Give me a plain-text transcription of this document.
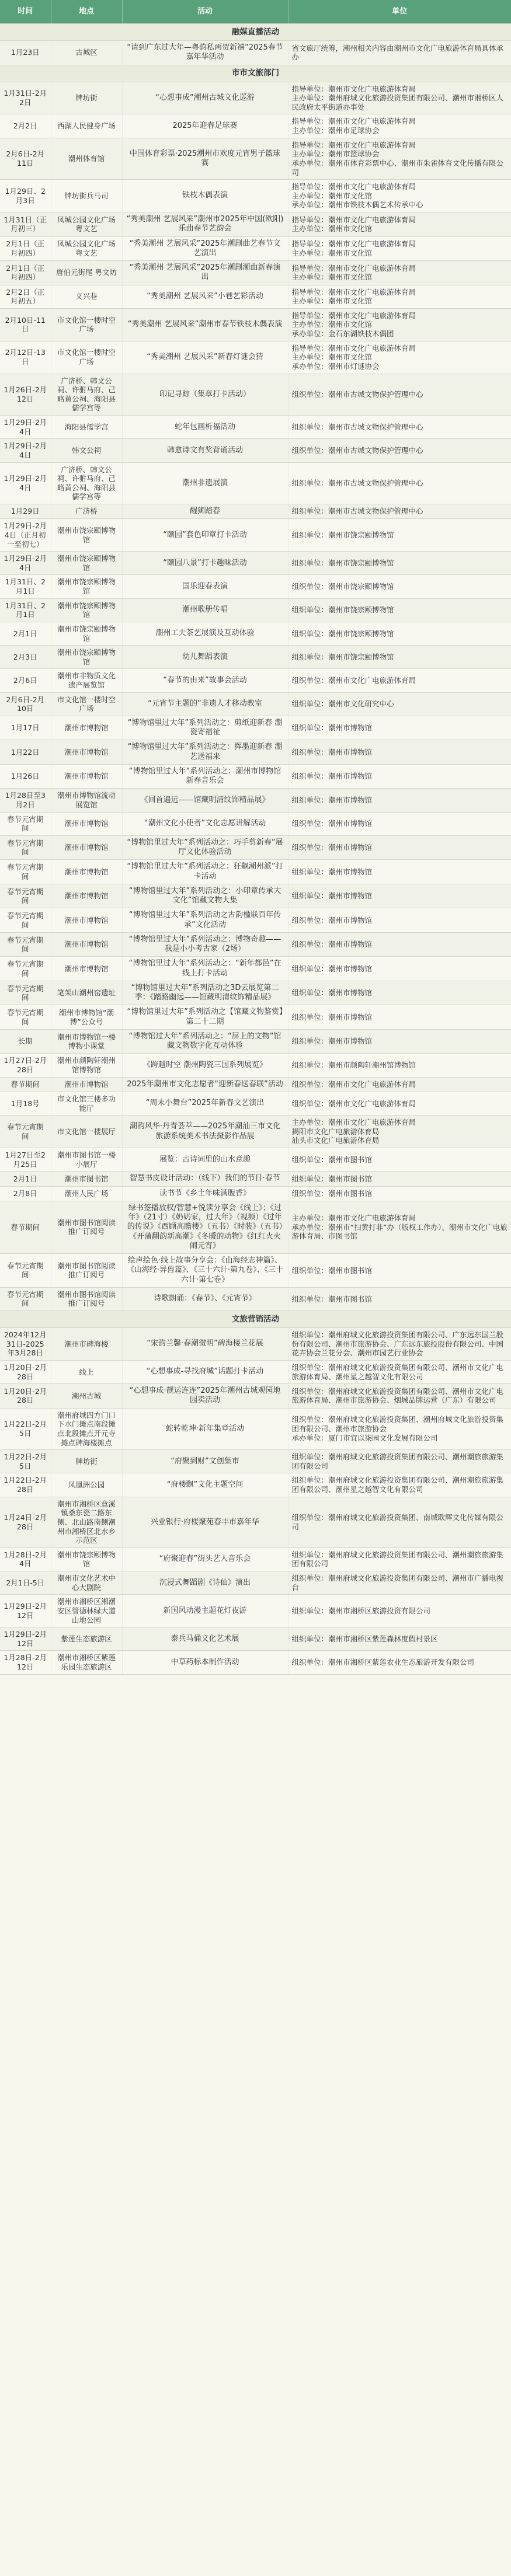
时间	地点	活动	单位
融媒直播活动			
1月23日	古城区	“请到广东过大年—粤韵私两贺新禧”2025春节嘉年华活动	省文旅厅统筹，潮州相关内容由潮州市文化广电旅游体育局具体承办
市市文旅部门			
1月31日-2月2日	牌坊街	“心想事成”潮州古城文化巡游	指导单位：潮州市文化广电旅游体育局
主办单位：潮州府城文化旅游投资集团有限公司、潮州市湘桥区人民政府太平街道办事处
2月2日	西湖人民健身广场	2025年迎春足球赛	指导单位：潮州市文化广电旅游体育局
主办单位：潮州市足球协会
2月6日-2月11日	潮州体育馆	中国体育彩票·2025潮州市欢度元宵男子篮球赛	指导单位：潮州市文化广电旅游体育局
主办单位：潮州市篮球协会
承办单位：潮州市体育彩票中心、潮州市朱雀体育文化传播有限公司
1月29日、2月3日	牌坊街兵马司	铁枝木偶表演	指导单位：潮州市文化广电旅游体育局
主办单位：潮州市文化馆
承办单位：潮州市铁枝木偶艺术传承中心
1月31日（正月初三）	凤城公园文化广场 粤文艺	“秀美潮州 艺展风采”潮州市2025年中国(欧阳)乐曲春节艺韵会	指导单位：潮州市文化广电旅游体育局
主办单位：潮州市文化馆
2月1日（正月初四）	凤城公园文化广场 粤文艺	“秀美潮州 艺展风采”2025年潮剧曲艺春节文艺演出	指导单位：潮州市文化广电旅游体育局
主办单位：潮州市文化馆
2月1日（正月初四）	唐伯元街尾 粤文坊	“秀美潮州 艺展风采”2025年潮剧潮曲新春演出	指导单位：潮州市文化广电旅游体育局
主办单位：潮州市文化馆
2月2日（正月初五）	义兴巷	“秀美潮州 艺展风采”小巷艺彩活动	指导单位：潮州市文化广电旅游体育局
主办单位：潮州市文化馆
2月10日-11日	市文化馆一楼时空广场	“秀美潮州 艺展风采”潮州市春节铁枝木偶表演	指导单位：潮州市文化广电旅游体育局
主办单位：潮州市文化馆
承办单位：金石东湖铁枝木偶团
2月12日-13日	市文化馆一楼时空广场	“秀美潮州 艺展风采”新春灯谜会猜	指导单位：潮州市文化广电旅游体育局
主办单位：潮州市文化馆
承办单位：潮州市灯谜协会
1月26日-2月12日	广济桥、韩文公祠、许驸马府、己略黄公祠、海阳县儒学宫等	印记寻踪（集章打卡活动）	组织单位：潮州市古城文物保护管理中心
1月29日-2月4日	海阳县儒学宫	蛇年包画析福活动	组织单位：潮州市古城文物保护管理中心
1月29日-2月4日	韩文公祠	韩愈诗文有奖背诵活动	组织单位：潮州市古城文物保护管理中心
1月29日-2月4日	广济桥、韩文公祠、许驸马府、己略黄公祠、海阳县儒学宫等	潮州非遗展演	组织单位：潮州市古城文物保护管理中心
1月29日	广济桥	醒狮踏春	组织单位：潮州市古城文物保护管理中心
1月29日-2月4日（正月初一至初七）	潮州市饶宗颐博物馆	“颐园”套色印章打卡活动	组织单位：潮州市饶宗颐博物馆
1月29日-2月4日	潮州市饶宗颐博物馆	“颐园八景”打卡趣味活动	组织单位：潮州市饶宗颐博物馆
1月31日、2月1日	潮州市饶宗颐博物馆	国乐迎春表演	组织单位：潮州市饶宗颐博物馆
1月31日、2月1日	潮州市饶宗颐博物馆	潮州歌册传唱	组织单位：潮州市饶宗颐博物馆
2月1日	潮州市饶宗颐博物馆	潮州工夫茶艺展演及互动体验	组织单位：潮州市饶宗颐博物馆
2月3日	潮州市饶宗颐博物馆	幼儿舞蹈表演	组织单位：潮州市饶宗颐博物馆
2月6日	潮州市非物质文化遗产展览馆	“春节的由来”故事会活动	组织单位：潮州市文化广电旅游体育局
2月6日-2月10日	市文化馆一楼时空广场	“元宵节主题的”非遗人才移动教室	组织单位：潮州市文化研究中心
1月17日	潮州市博物馆	“博物馆里过大年”系列活动之：剪纸迎新春 潮瓷寄福祉	组织单位：潮州市博物馆
1月22日	潮州市博物馆	“博物馆里过大年”系列活动之：挥墨迎新春 潮艺送福来	组织单位：潮州市博物馆
1月26日	潮州市博物馆	“博物馆里过大年”系列活动之：潮州市博物馆新春音乐会	组织单位：潮州市博物馆
1月28日至3月2日	潮州市博物馆流动展览馆	《回首遍远——馆藏明清纹饰精品展》	组织单位：潮州市博物馆
春节元宵期间	潮州市博物馆	“潮州文化小使者”文化志愿讲解活动	组织单位：潮州市博物馆
春节元宵期间	潮州市博物馆	“博物馆里过大年”系列活动之：巧手剪新春”展厅文化体验活动	组织单位：潮州市博物馆
春节元宵期间	潮州市博物馆	“博物馆里过大年”系列活动之：狂飙潮州派”打卡活动	组织单位：潮州市博物馆
春节元宵期间	潮州市博物馆	“博物馆里过大年”系列活动之：小印章传承大文化”馆藏文物大集	组织单位：潮州市博物馆
春节元宵期间	潮州市博物馆	“博物馆里过大年”系列活动之古韵楹联百年传承”文化活动	组织单位：潮州市博物馆
春节元宵期间	潮州市博物馆	“博物馆里过大年”系列活动之：博物奇趣——我是小小考古家（2场）	组织单位：潮州市博物馆
春节元宵期间	潮州市博物馆	“博物馆里过大年”系列活动之：“新年都邑”在线上打卡活动	组织单位：潮州市博物馆
春节元宵期间	笔架山潮州窑遗址	“博物馆里过大年”系列活动之3D云展览第二季：《踏路幽远——馆藏明清纹饰精品展》	组织单位：潮州市博物馆
春节元宵期间	潮州市博物馆“潮博”公众号	“博物馆里过大年”系列活动之【馆藏文物鉴赏】第二十二期	组织单位：潮州市博物馆
长期	潮州市博物馆一楼博物小课堂	“博物馆过大年”系列活动之：“屏上的文物”馆藏文物数字化互动体验	组织单位：潮州市博物馆
1月27日-2月28日	潮州市颜陶轩潮州馆博物馆	《跨越时空 潮州陶瓷三国系列展览》	组织单位：潮州市颜陶轩潮州馆博物馆
春节期间	潮州市博物馆	2025年潮州市文化志愿者“迎新春送春联”活动	组织单位：潮州市文化广电旅游体育局
1月18号	市文化馆三楼多功能厅	“周末小舞台”2025年新春文艺演出	组织单位：潮州市文化广电旅游体育局
春节元宵期间	市文化馆一楼展厅	潮韵风华·丹青荟萃——2025年潮汕三市文化旅游系统美术书法摄影作品展	主办单位：潮州市文化广电旅游体育局
揭阳市文化广电旅游体育局
汕头市文化广电旅游体育局
1月27日至2月25日	潮州市图书馆一楼小展厅	展览：古诗词里的山水意趣	组织单位：潮州市图书馆
2月1日	潮州市图书馆	智慧书皮设计活动：（线下）我们的节日·春节	组织单位：潮州市图书馆
2月8日	潮州人民广场	读书节《乡土年味满腹香》	组织单位：潮州市图书馆
春节期间	潮州市图书馆阅读推广订阅号	绿书签播放权/智慧+悦读分享会《线上》；《过年》（21寸）《奶奶家，过大年》（视频）《过年的传说》《西顾高瞻楼》（五书）《时装》（五书）《开蒲翻韵新高潮》《冬暖的动物》《红红火火闹元宵》	主办单位：潮州市文化广电旅游体育局
承办单位：潮州市“扫黄打非”办（版权工作办）、潮州市文化广电旅游体育局、市图书馆
春节元宵期间	潮州市图书馆阅读推广订阅号	绘声绘色·线上故事分享会：《山海经志神篇》、《山海经·异兽篇》、《三十六计·第九卷》、《三十六计·第七卷》	组织单位：潮州市图书馆
春节元宵期间	潮州市图书馆阅读推广订阅号	诗歌朗诵：《春节》、《元宵节》	组织单位：潮州市图书馆
文旅营销活动			
2024年12月31日-2025年3月28日	潮州市碑海楼	“宋韵兰馨·春潮微明”碑海楼兰花展	组织单位：潮州府城文化旅游投资集团有限公司、广东远东国兰股份有限公司、潮州市旅游协会、广东远东旅投股份有限公司、中国花卉协会兰花分会、潮州市园艺行业协会
1月20日-2月28日	线上	“心想事成-寻找府城”话题打卡活动	组织单位：潮州府城文化旅游投资集团有限公司、潮州市文化广电旅游体育局、潮州星之越智文化有限公司
1月20日-2月28日	潮州古城	“心想事成·靓运连连”2025年潮州古城观园地园卖活动	组织单位：潮州府城文化旅游投资集团有限公司、潮州市文化广电旅游体育局、潮州市旅游协会、烟城品牌运营（广东）有限公司
1月22日-2月5日	潮州府城四方门口下水门摊点南段摊点北段摊点开元寺摊点碑海楼摊点	蛇转乾坤·新年集章活动	组织单位：潮州府城文化旅游投资集团、潮州府城文化旅游投资集团有限公司、潮州市旅游协会
承办单位：厦门市宜以柒园文化发展有限公司
1月22日-2月5日	牌坊街	“府聚到财”文创集市	组织单位：潮州府城文化旅游投资集团有限公司、潮州潮旅旅游集团有限公司
1月22日-2月28日	凤凰洲公园	“府楼飘”文化主题空间	组织单位：潮州府城文化旅游投资集团有限公司、潮州潮旅旅游集团有限公司、潮州星之越智文化有限公司
1月24日-2月28日	潮州市湘桥区意溪镇桑东瓷二路东侧、北山路南侧潮州市湘桥区北水乡示范区	兴业银行·府楼聚苑春丰市嘉年华	组织单位：潮州府城文化旅游投资集团、南城欧辉文化传媒有限公司
1月28日-2月4日	潮州市饶宗颐博物馆	“府聚迎春”街头艺人音乐会	组织单位：潮州府城文化旅游投资集团有限公司、潮州潮旅旅游集团有限公司
2月1日-5日	潮州市文化艺术中心大剧院	沉浸式舞蹈剧《诗仙》演出	组织单位：潮州府城文化旅游投资集团有限公司、潮州市广播电视台
1月29日-2月12日	潮州市湘桥区湘潮安区管德林绿大道山地公园	新国风动漫主题花灯夜游	组织单位：潮州市湘桥区旅游投资有限公司
1月29日-2月12日	紫莲生态旅游区	泰兵马俑文化艺术展	组织单位：潮州市湘桥区紫莲森林度假村景区
1月28日-2月12日	潮州市湘桥区紫莲乐园生态旅游区	中草药标本制作活动	组织单位：潮州市湘桥区紫莲农业生态旅游开发有限公司
